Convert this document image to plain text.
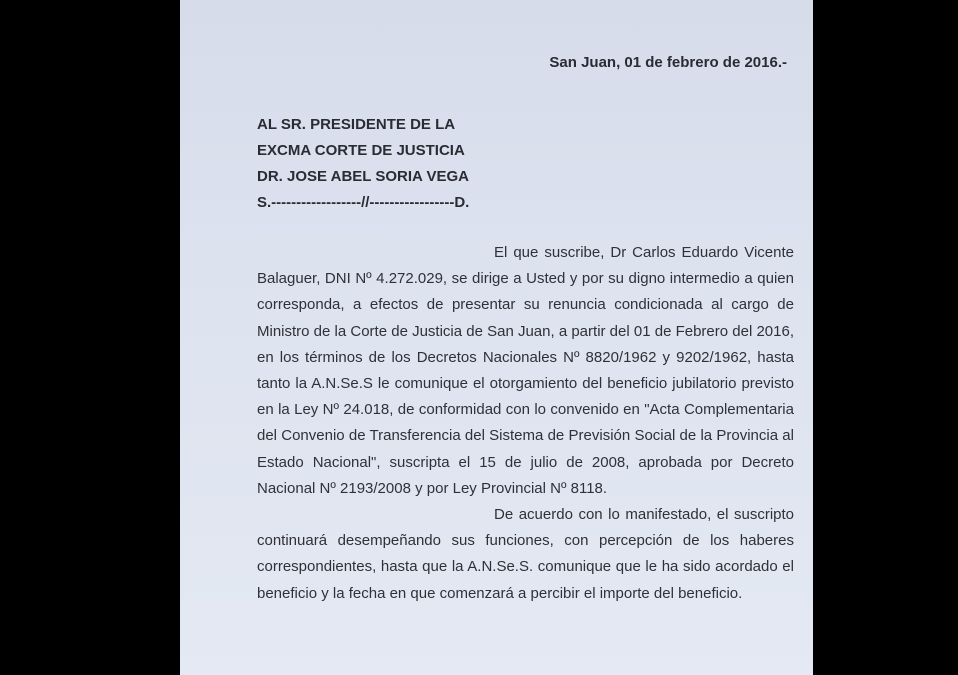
San Juan, 01 de febrero de 2016.-
AL SR. PRESIDENTE DE LA
EXCMA CORTE DE JUSTICIA
DR. JOSE ABEL SORIA VEGA
S.------------------//-----------------D.

El que suscribe, Dr Carlos Eduardo Vicente Balaguer, DNI Nº 4.272.029, se dirige a Usted y por su digno intermedio a quien corresponda, a efectos de presentar su renuncia condicionada al cargo de Ministro de la Corte de Justicia de San Juan, a partir del 01 de Febrero del 2016, en los términos de los Decretos Nacionales Nº 8820/1962 y 9202/1962, hasta tanto la A.N.Se.S le comunique el otorgamiento del beneficio jubilatorio previsto en la Ley Nº 24.018, de conformidad con lo convenido en "Acta Complementaria del Convenio de Transferencia del Sistema de Previsión Social de la Provincia al Estado Nacional", suscripta el 15 de julio de 2008, aprobada por Decreto Nacional Nº 2193/2008 y por Ley Provincial Nº 8118.

De acuerdo con lo manifestado, el suscripto continuará desempeñando sus funciones, con percepción de los haberes correspondientes, hasta que la A.N.Se.S. comunique que le ha sido acordado el beneficio y la fecha en que comenzará a percibir el importe del beneficio.
